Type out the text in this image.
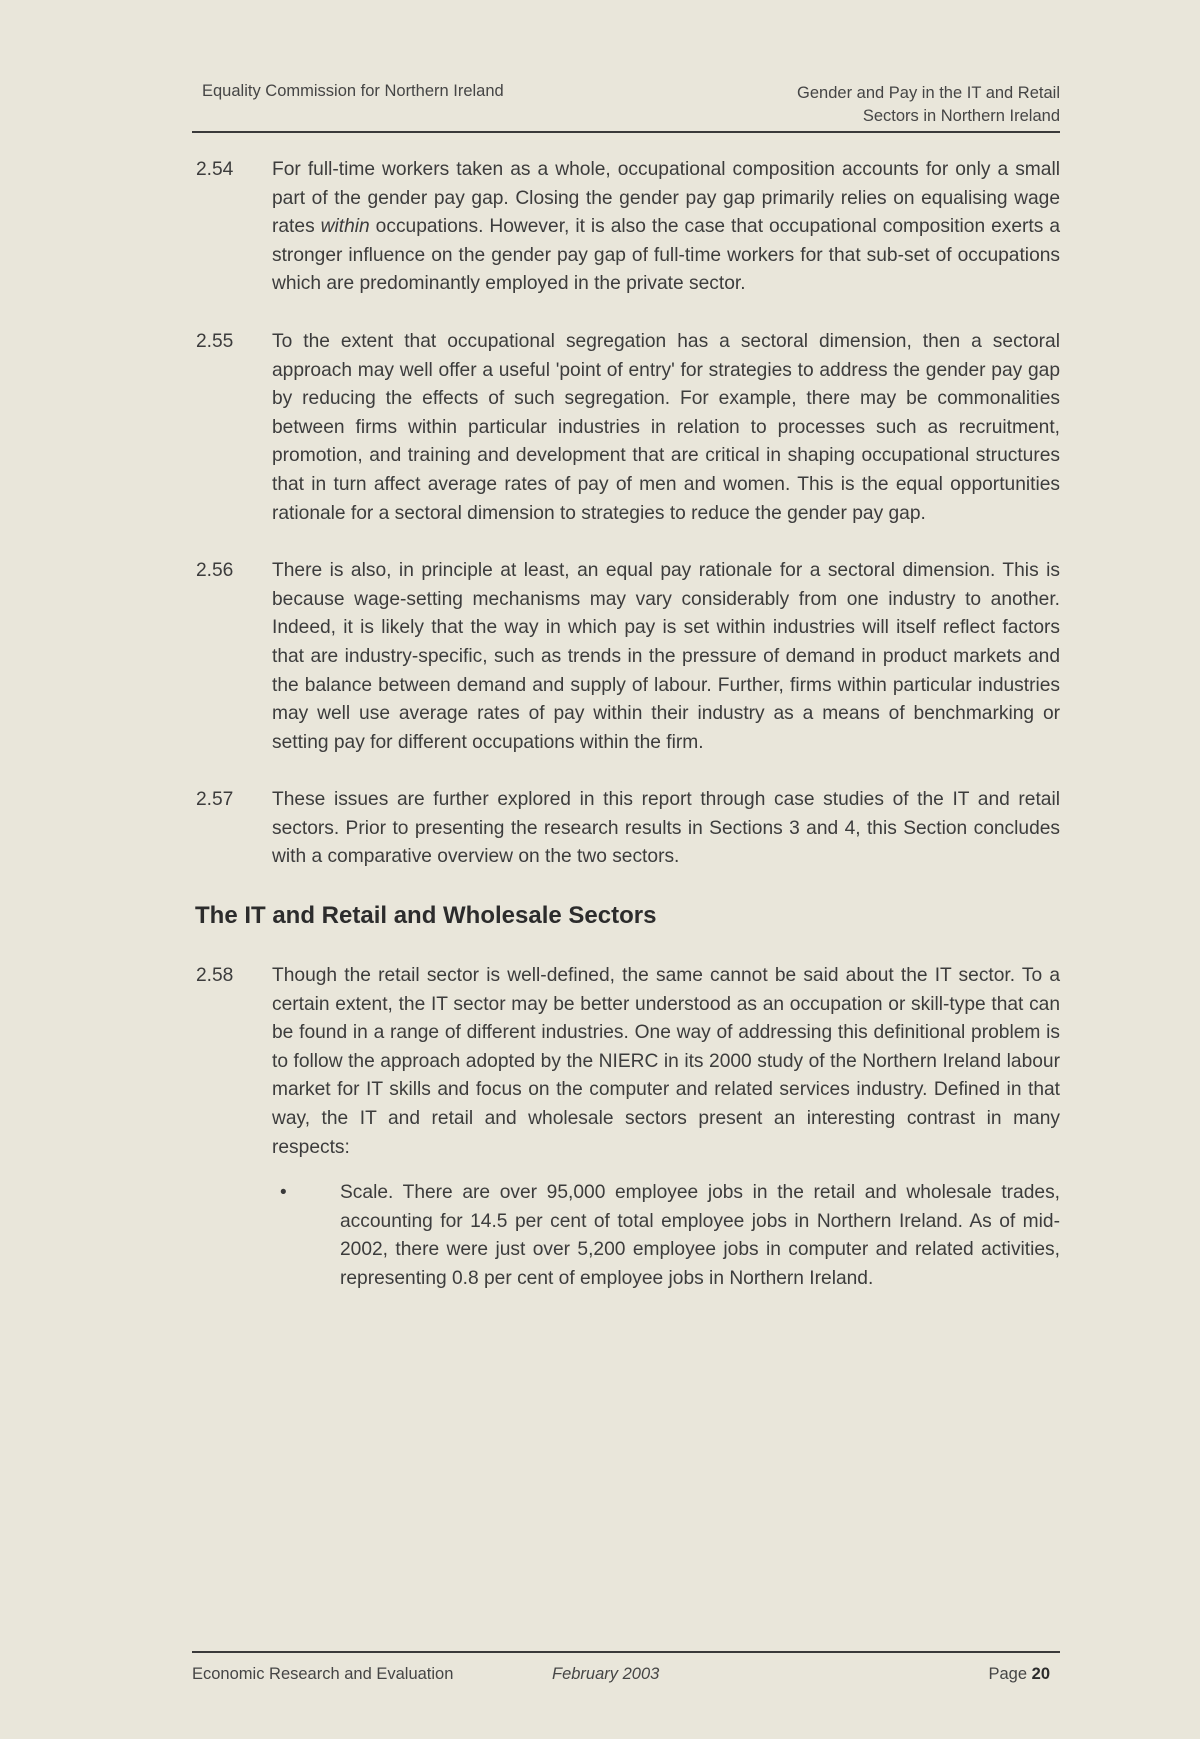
Equality Commission for Northern Ireland	Gender and Pay in the IT and Retail
Sectors in Northern Ireland
2.54 For full-time workers taken as a whole, occupational composition accounts for only a small part of the gender pay gap. Closing the gender pay gap primarily relies on equalising wage rates within occupations. However, it is also the case that occupational composition exerts a stronger influence on the gender pay gap of full-time workers for that sub-set of occupations which are predominantly employed in the private sector.
2.55 To the extent that occupational segregation has a sectoral dimension, then a sectoral approach may well offer a useful 'point of entry' for strategies to address the gender pay gap by reducing the effects of such segregation. For example, there may be commonalities between firms within particular industries in relation to processes such as recruitment, promotion, and training and development that are critical in shaping occupational structures that in turn affect average rates of pay of men and women. This is the equal opportunities rationale for a sectoral dimension to strategies to reduce the gender pay gap.
2.56 There is also, in principle at least, an equal pay rationale for a sectoral dimension. This is because wage-setting mechanisms may vary considerably from one industry to another. Indeed, it is likely that the way in which pay is set within industries will itself reflect factors that are industry-specific, such as trends in the pressure of demand in product markets and the balance between demand and supply of labour. Further, firms within particular industries may well use average rates of pay within their industry as a means of benchmarking or setting pay for different occupations within the firm.
2.57 These issues are further explored in this report through case studies of the IT and retail sectors. Prior to presenting the research results in Sections 3 and 4, this Section concludes with a comparative overview on the two sectors.
The IT and Retail and Wholesale Sectors
2.58 Though the retail sector is well-defined, the same cannot be said about the IT sector. To a certain extent, the IT sector may be better understood as an occupation or skill-type that can be found in a range of different industries. One way of addressing this definitional problem is to follow the approach adopted by the NIERC in its 2000 study of the Northern Ireland labour market for IT skills and focus on the computer and related services industry. Defined in that way, the IT and retail and wholesale sectors present an interesting contrast in many respects:
•	Scale. There are over 95,000 employee jobs in the retail and wholesale trades, accounting for 14.5 per cent of total employee jobs in Northern Ireland. As of mid-2002, there were just over 5,200 employee jobs in computer and related activities, representing 0.8 per cent of employee jobs in Northern Ireland.
Economic Research and Evaluation	February 2003	Page 20
